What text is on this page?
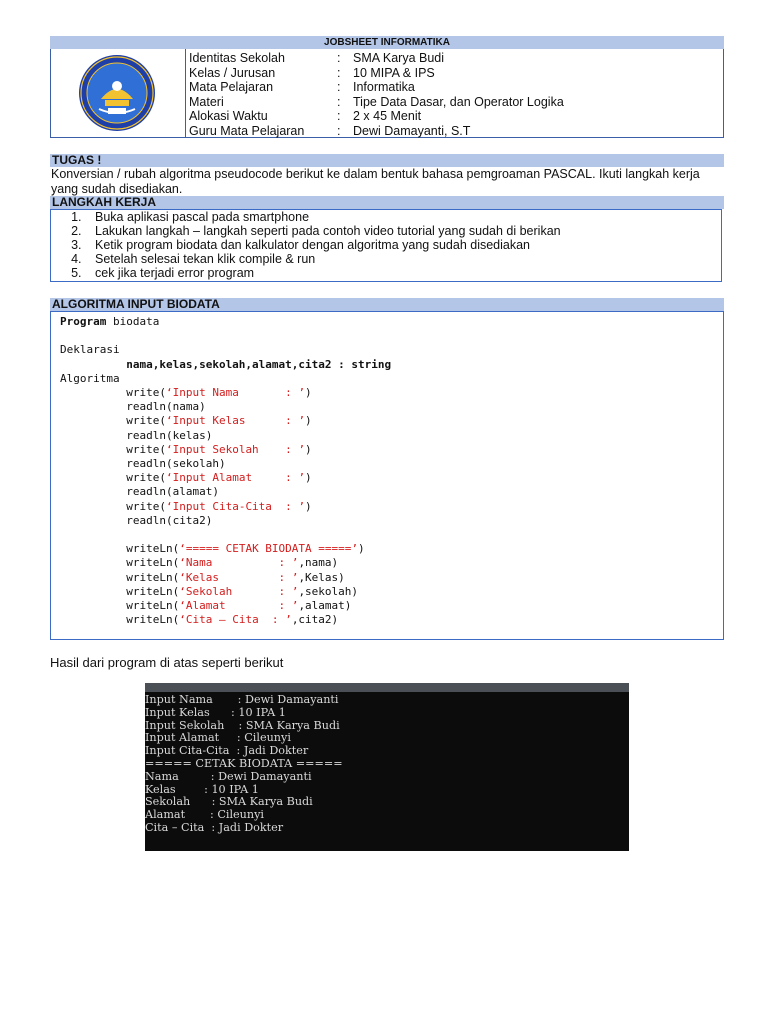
JOBSHEET INFORMATIKA
Identitas Sekolah	:	SMA Karya Budi
Kelas / Jurusan	:	10 MIPA & IPS
Mata Pelajaran	:	Informatika
Materi	:	Tipe Data Dasar, dan Operator Logika
Alokasi Waktu	:	2 x 45 Menit
Guru Mata Pelajaran	:	Dewi Damayanti, S.T
TUGAS !
Konversian / rubah algoritma pseudocode berikut ke dalam bentuk bahasa pemgroaman PASCAL. Ikuti langkah kerja yang sudah disediakan.
LANGKAH KERJA
1. Buka aplikasi pascal pada smartphone
2. Lakukan langkah – langkah seperti pada contoh video tutorial yang sudah di berikan
3. Ketik program biodata dan kalkulator dengan algoritma yang sudah disediakan
4. Setelah selesai tekan klik compile & run
5. cek jika terjadi error program
ALGORITMA INPUT BIODATA
Program biodata

Deklarasi
nama,kelas,sekolah,alamat,cita2 : string
Algoritma
write(‘Input Nama       : ’)
readln(nama)
write(‘Input Kelas      : ’)
readln(kelas)
write(‘Input Sekolah    : ’)
readln(sekolah)
write(‘Input Alamat     : ’)
readln(alamat)
write(‘Input Cita-Cita  : ’)
readln(cita2)

writeLn(‘===== CETAK BIODATA =====’)
writeLn(‘Nama          : ’,nama)
writeLn(‘Kelas         : ’,Kelas)
writeLn(‘Sekolah       : ’,sekolah)
writeLn(‘Alamat        : ’,alamat)
writeLn(‘Cita – Cita  : ’,cita2)
Hasil dari program di atas seperti berikut
Input Nama       : Dewi Damayanti
Input Kelas      : 10 IPA 1
Input Sekolah    : SMA Karya Budi
Input Alamat     : Cileunyi
Input Cita-Cita  : Jadi Dokter
===== CETAK BIODATA =====
Nama         : Dewi Damayanti
Kelas        : 10 IPA 1
Sekolah      : SMA Karya Budi
Alamat       : Cileunyi
Cita – Cita  : Jadi Dokter
